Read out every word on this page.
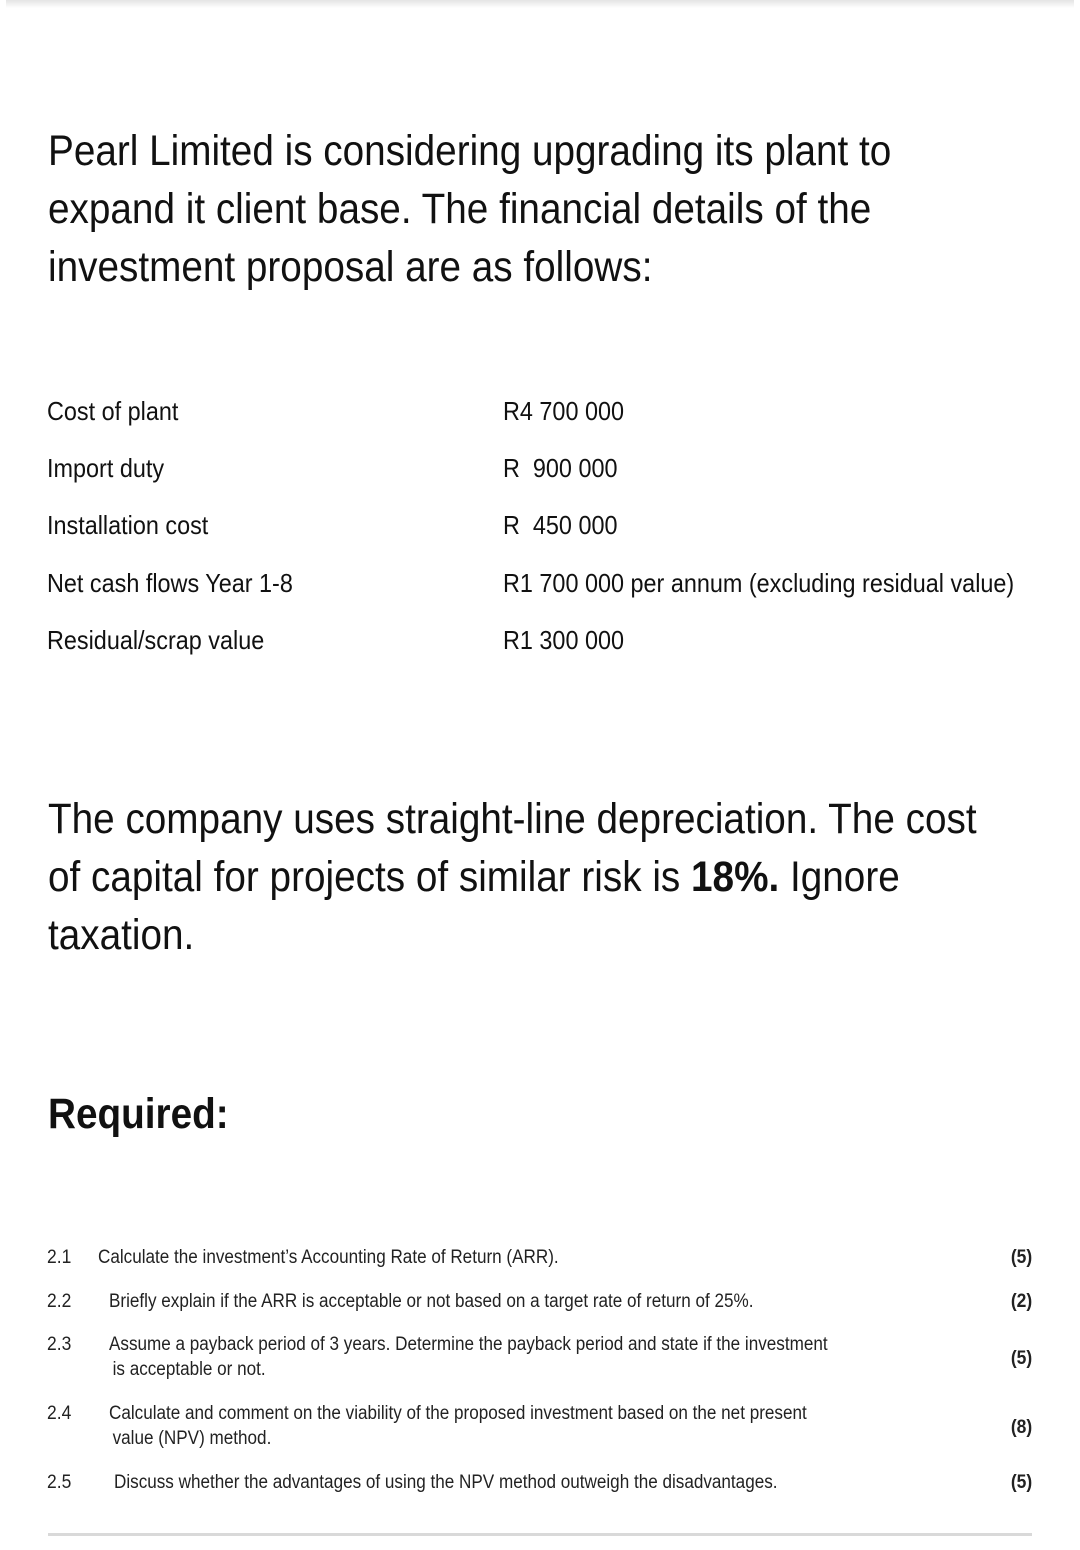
Pearl Limited is considering upgrading its plant to expand it client base. The financial details of the investment proposal are as follows:

Cost of plant	R4 700 000
Import duty	R  900 000
Installation cost	R  450 000
Net cash flows Year 1-8	R1 700 000 per annum (excluding residual value)
Residual/scrap value	R1 300 000

The company uses straight-line depreciation. The cost of capital for projects of similar risk is 18%. Ignore taxation.

Required:
2.1 Calculate the investment’s Accounting Rate of Return (ARR).	(5)
2.2 Briefly explain if the ARR is acceptable or not based on a target rate of return of 25%.	(2)
2.3 Assume a payback period of 3 years. Determine the payback period and state if the investment
is acceptable or not.
(5)
2.4 Calculate and comment on the viability of the proposed investment based on the net present
value (NPV) method.
(8)
2.5 Discuss whether the advantages of using the NPV method outweigh the disadvantages.	(5)
